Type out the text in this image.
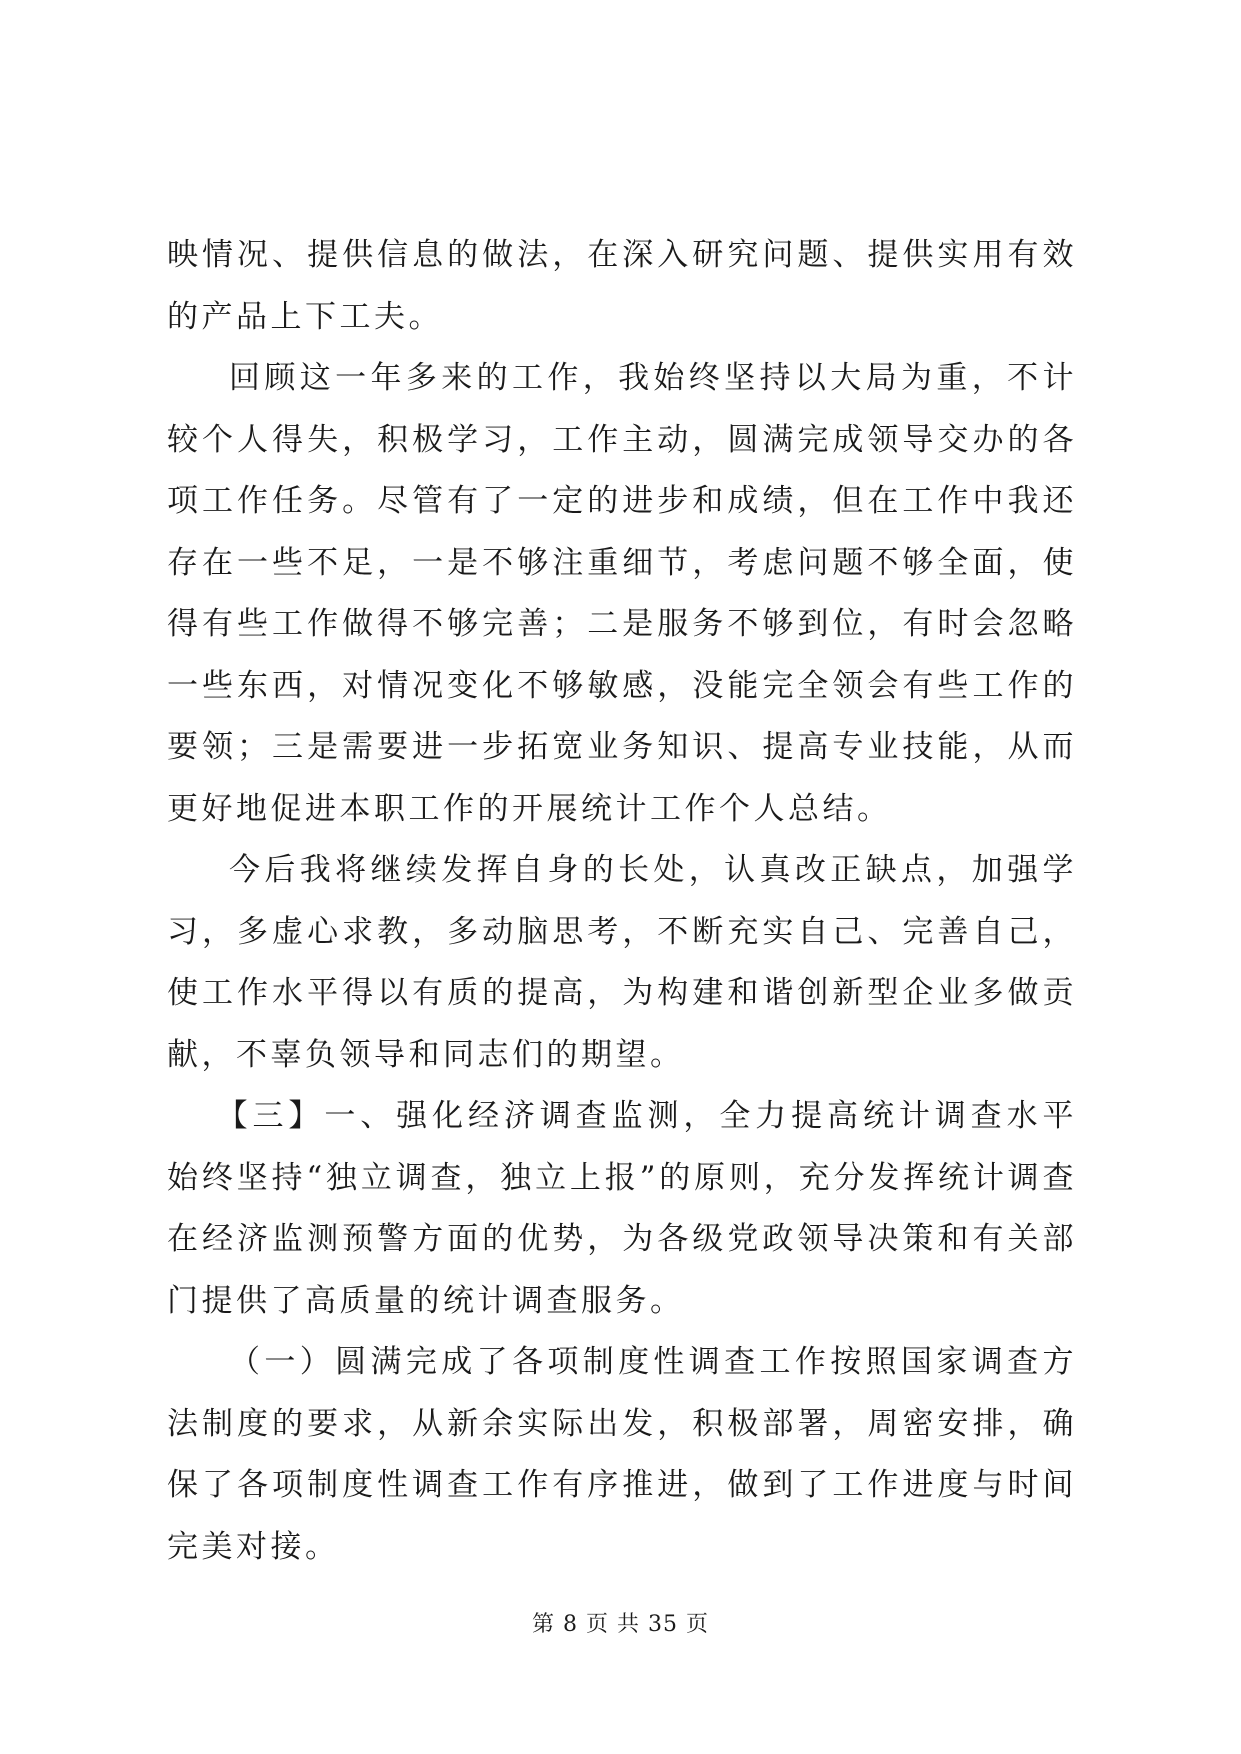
映情况、提供信息的做法，在深入研究问题、提供实用有效的产品上下工夫。

回顾这一年多来的工作，我始终坚持以大局为重，不计较个人得失，积极学习，工作主动，圆满完成领导交办的各项工作任务。尽管有了一定的进步和成绩，但在工作中我还存在一些不足，一是不够注重细节，考虑问题不够全面，使得有些工作做得不够完善；二是服务不够到位，有时会忽略一些东西，对情况变化不够敏感，没能完全领会有些工作的要领；三是需要进一步拓宽业务知识、提高专业技能，从而更好地促进本职工作的开展统计工作个人总结。

今后我将继续发挥自身的长处，认真改正缺点，加强学习，多虚心求教，多动脑思考，不断充实自己、完善自己，使工作水平得以有质的提高，为构建和谐创新型企业多做贡献，不辜负领导和同志们的期望。

【三】一、强化经济调查监测，全力提高统计调查水平始终坚持“独立调查，独立上报”的原则，充分发挥统计调查在经济监测预警方面的优势，为各级党政领导决策和有关部门提供了高质量的统计调查服务。

（一）圆满完成了各项制度性调查工作按照国家调查方法制度的要求，从新余实际出发，积极部署，周密安排，确保了各项制度性调查工作有序推进，做到了工作进度与时间完美对接。

第 8 页 共 35 页
